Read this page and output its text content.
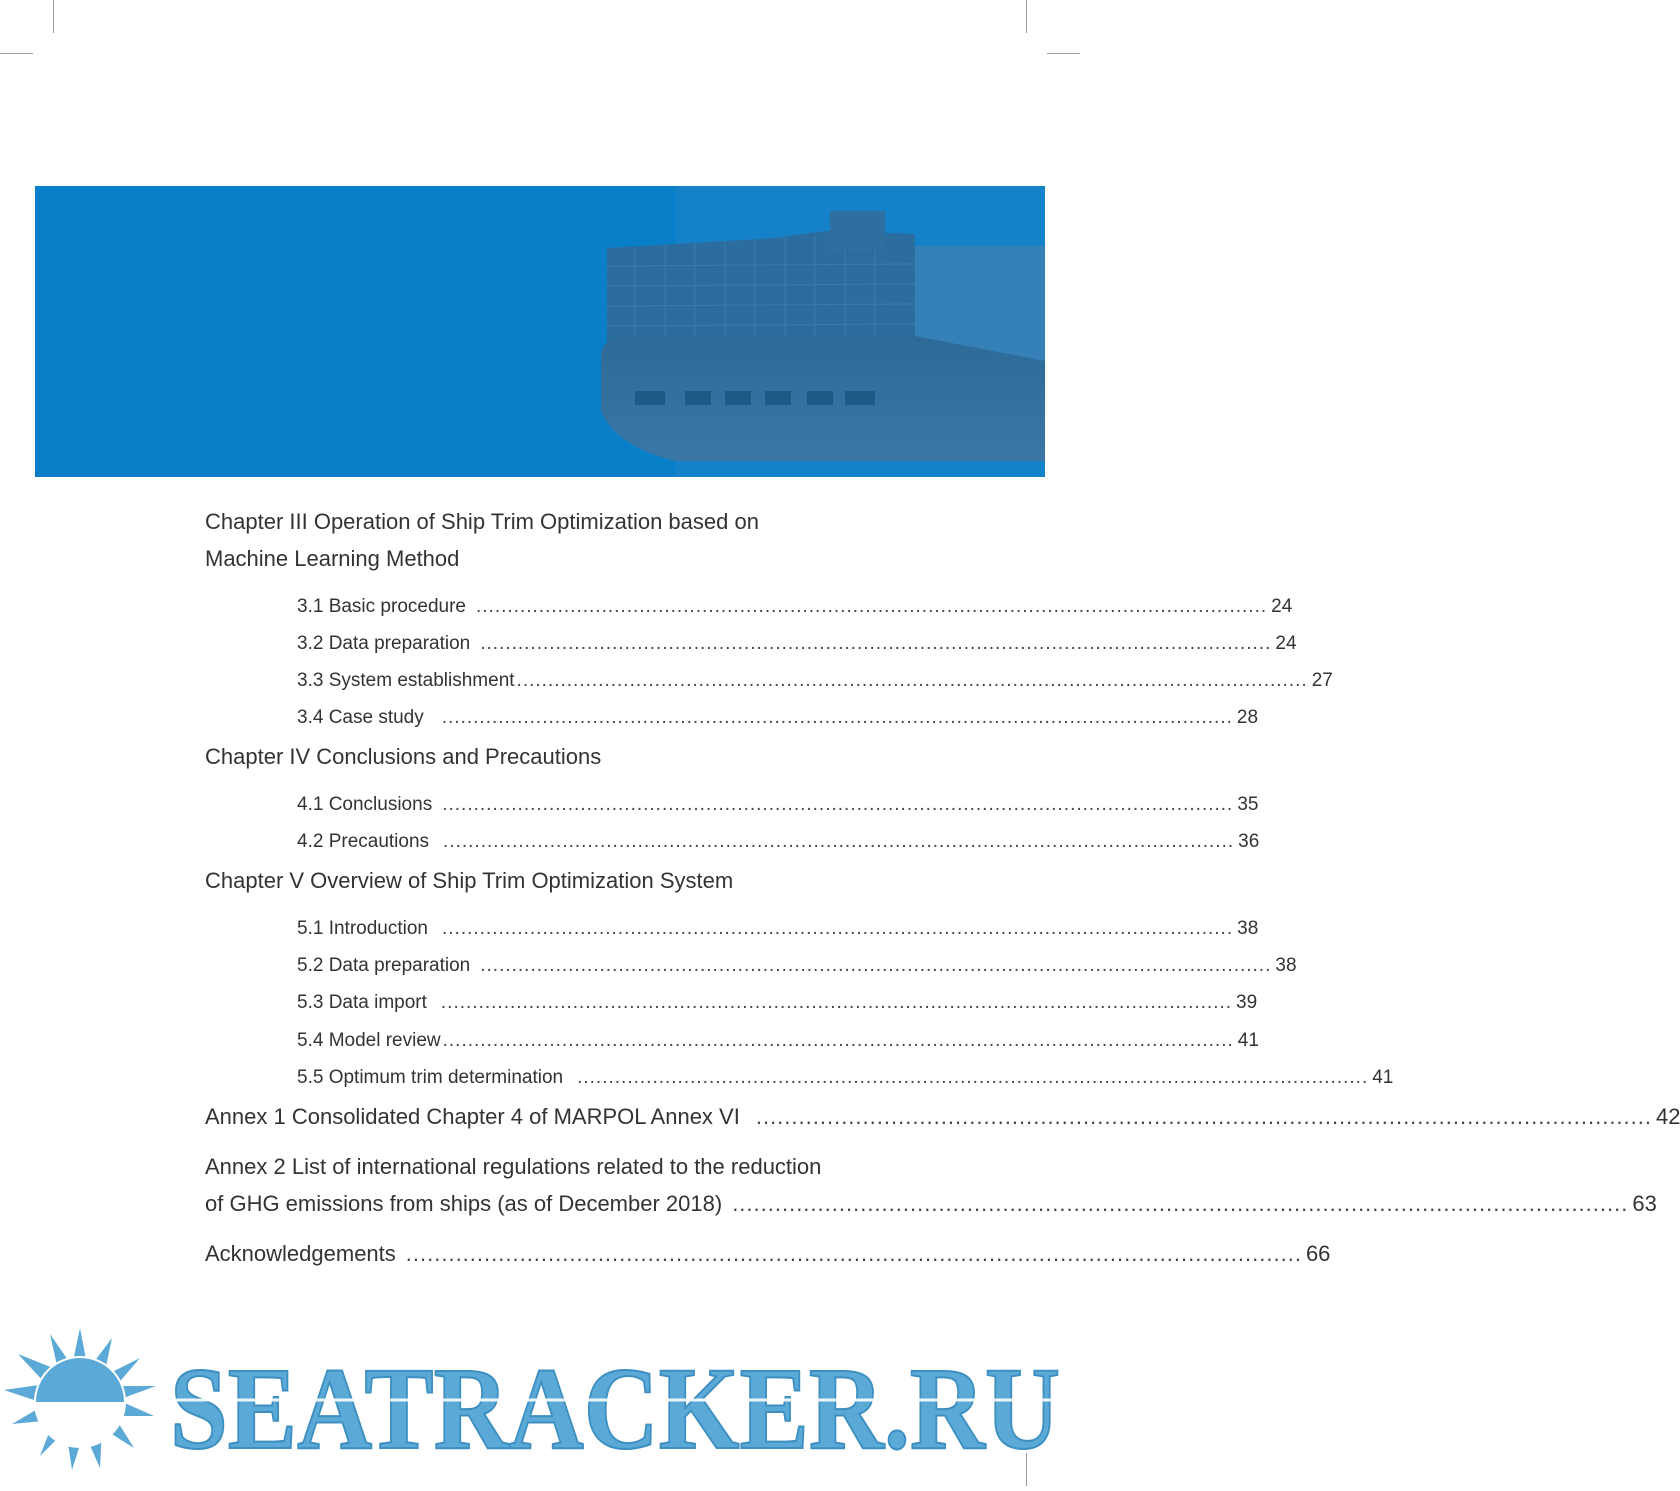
Chapter III Operation of Ship Trim Optimization based on
Machine Learning Method
3.1 Basic procedure .............................................................................................................................. 24
3.2 Data preparation .............................................................................................................................. 24
3.3 System establishment .............................................................................................................................. 27
3.4 Case study .............................................................................................................................. 28
Chapter IV Conclusions and Precautions
4.1 Conclusions .............................................................................................................................. 35
4.2 Precautions .............................................................................................................................. 36
Chapter V Overview of Ship Trim Optimization System
5.1 Introduction .............................................................................................................................. 38
5.2 Data preparation .............................................................................................................................. 38
5.3 Data import .............................................................................................................................. 39
5.4 Model review .............................................................................................................................. 41
5.5 Optimum trim determination .............................................................................................................................. 41
Annex 1 Consolidated Chapter 4 of MARPOL Annex VI .............................................................................................................................. 42
Annex 2 List of international regulations related to the reduction
of GHG emissions from ships (as of December 2018) .............................................................................................................................. 63
Acknowledgements .............................................................................................................................. 66
SEATRACKER.RU
